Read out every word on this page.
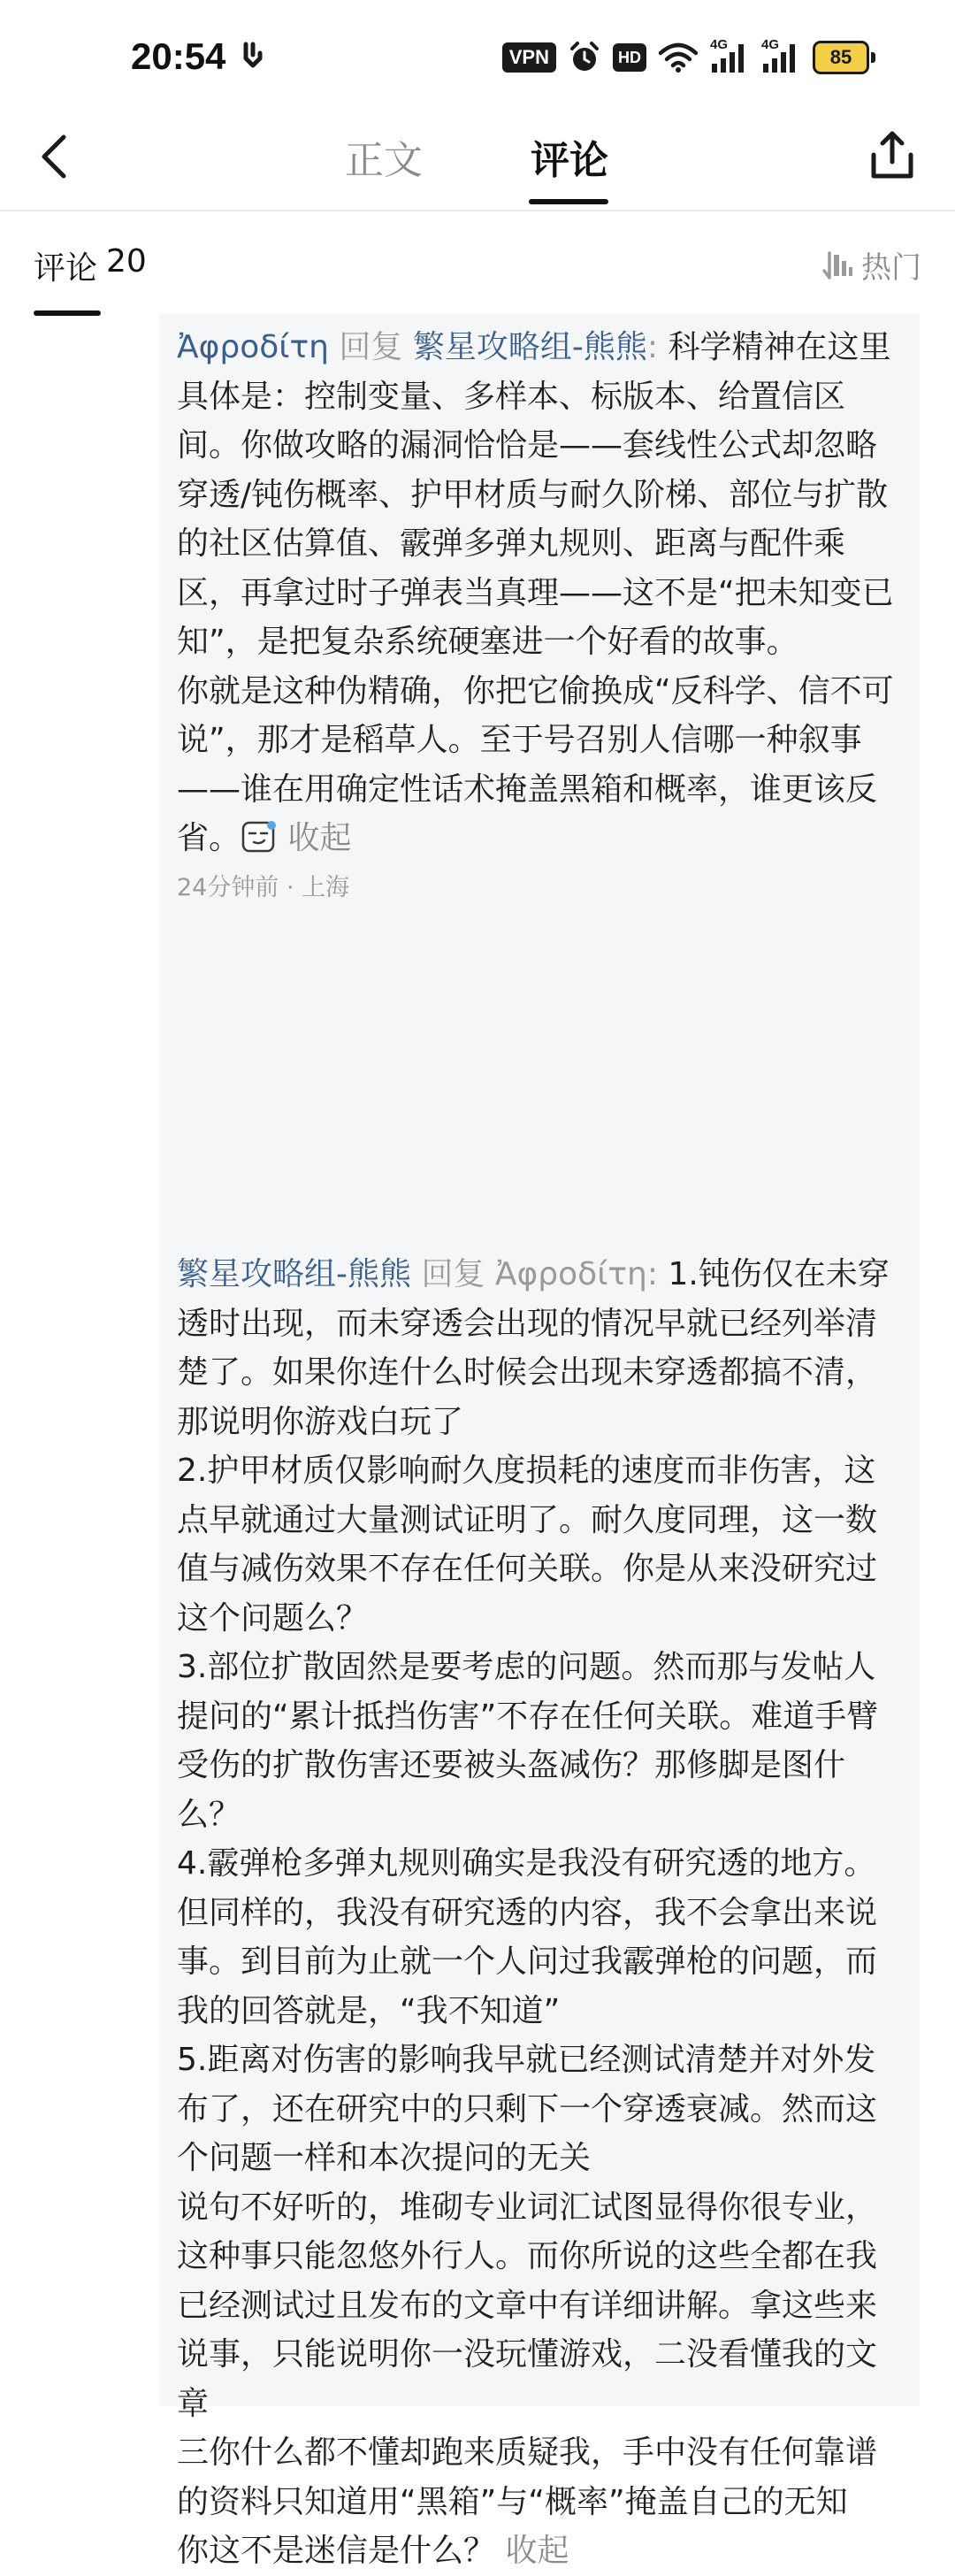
20:54	VPN	HD
4G	4G
85
正文	评论
评论 20	热门
Ἀφροδίτη 回复 繁星攻略组-熊熊: 科学精神在这里具体是：控制变量、多样本、标版本、给置信区间。你做攻略的漏洞恰恰是——套线性公式却忽略穿透/钝伤概率、护甲材质与耐久阶梯、部位与扩散的社区估算值、霰弹多弹丸规则、距离与配件乘区，再拿过时子弹表当真理——这不是“把未知变已知”，是把复杂系统硬塞进一个好看的故事。
你就是这种伪精确，你把它偷换成“反科学、信不可说”，那才是稻草人。至于号召别人信哪一种叙事——谁在用确定性话术掩盖黑箱和概率，谁更该反省。 收起
24分钟前 · 上海
繁星攻略组-熊熊 回复 Ἀφροδίτη: 1.钝伤仅在未穿透时出现，而未穿透会出现的情况早就已经列举清楚了。如果你连什么时候会出现未穿透都搞不清，那说明你游戏白玩了
2.护甲材质仅影响耐久度损耗的速度而非伤害，这点早就通过大量测试证明了。耐久度同理，这一数值与减伤效果不存在任何关联。你是从来没研究过这个问题么？
3.部位扩散固然是要考虑的问题。然而那与发帖人提问的“累计抵挡伤害”不存在任何关联。难道手臂受伤的扩散伤害还要被头盔减伤？那修脚是图什么？
4.霰弹枪多弹丸规则确实是我没有研究透的地方。但同样的，我没有研究透的内容，我不会拿出来说事。到目前为止就一个人问过我霰弹枪的问题，而我的回答就是，“我不知道”
5.距离对伤害的影响我早就已经测试清楚并对外发布了，还在研究中的只剩下一个穿透衰减。然而这个问题一样和本次提问的无关
说句不好听的，堆砌专业词汇试图显得你很专业，这种事只能忽悠外行人。而你所说的这些全都在我已经测试过且发布的文章中有详细讲解。拿这些来说事，只能说明你一没玩懂游戏，二没看懂我的文章
三你什么都不懂却跑来质疑我，手中没有任何靠谱的资料只知道用“黑箱”与“概率”掩盖自己的无知
你这不是迷信是什么？ 收起
